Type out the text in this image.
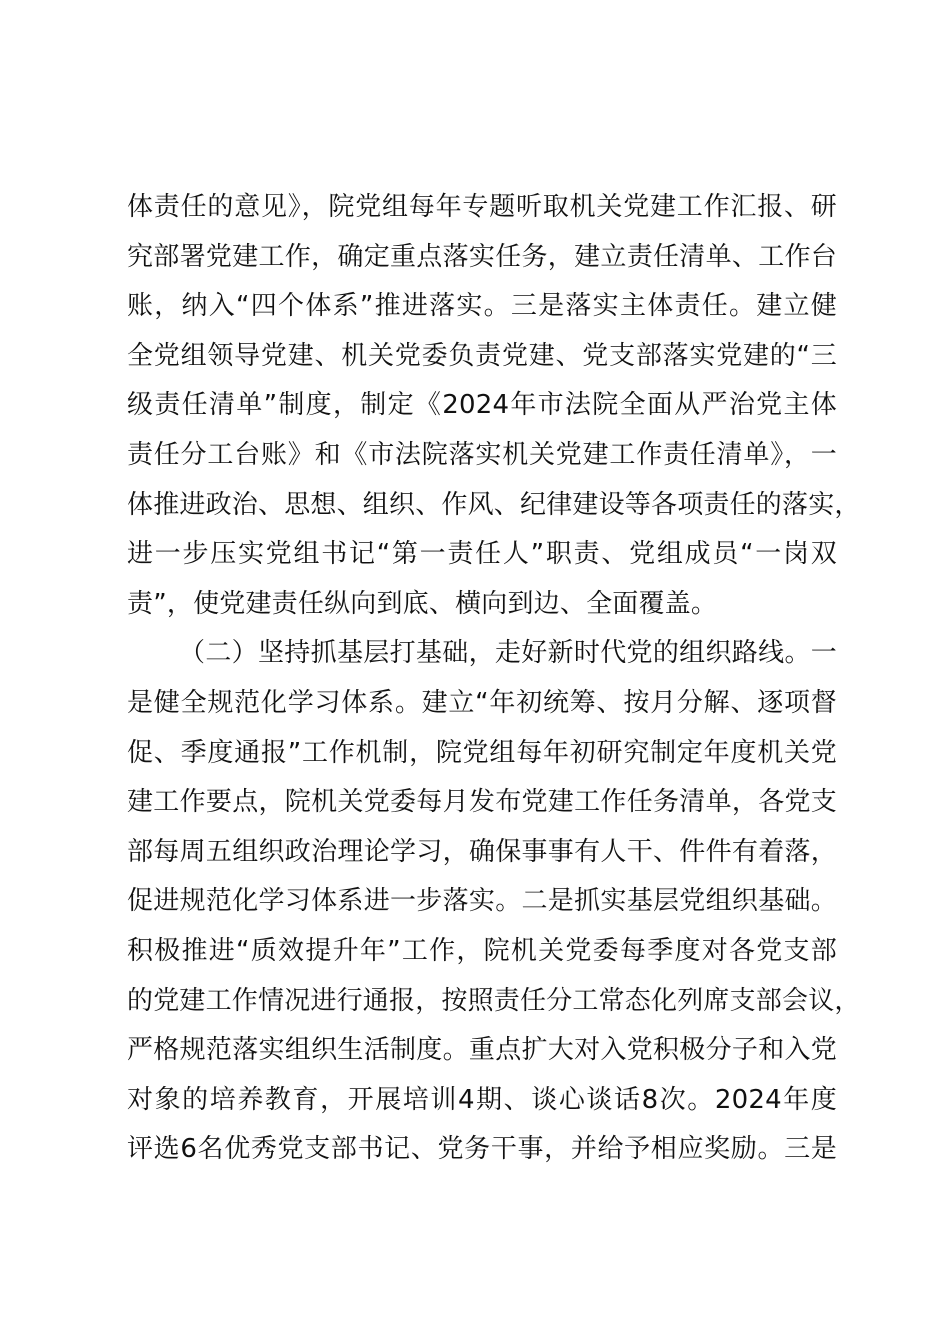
体责任的意见》，院党组每年专题听取机关党建工作汇报、研
究部署党建工作，确定重点落实任务，建立责任清单、工作台
账，纳入“四个体系”推进落实。三是落实主体责任。建立健
全党组领导党建、机关党委负责党建、党支部落实党建的“三
级责任清单”制度，制定《2024年市法院全面从严治党主体
责任分工台账》和《市法院落实机关党建工作责任清单》，一
体推进政治、思想、组织、作风、纪律建设等各项责任的落实，
进一步压实党组书记“第一责任人”职责、党组成员“一岗双
责”，使党建责任纵向到底、横向到边、全面覆盖。
（二）坚持抓基层打基础，走好新时代党的组织路线。一
是健全规范化学习体系。建立“年初统筹、按月分解、逐项督
促、季度通报”工作机制，院党组每年初研究制定年度机关党
建工作要点，院机关党委每月发布党建工作任务清单，各党支
部每周五组织政治理论学习，确保事事有人干、件件有着落，
促进规范化学习体系进一步落实。二是抓实基层党组织基础。
积极推进“质效提升年”工作，院机关党委每季度对各党支部
的党建工作情况进行通报，按照责任分工常态化列席支部会议，
严格规范落实组织生活制度。重点扩大对入党积极分子和入党
对象的培养教育，开展培训4期、谈心谈话8次。2024年度
评选6名优秀党支部书记、党务干事，并给予相应奖励。三是
